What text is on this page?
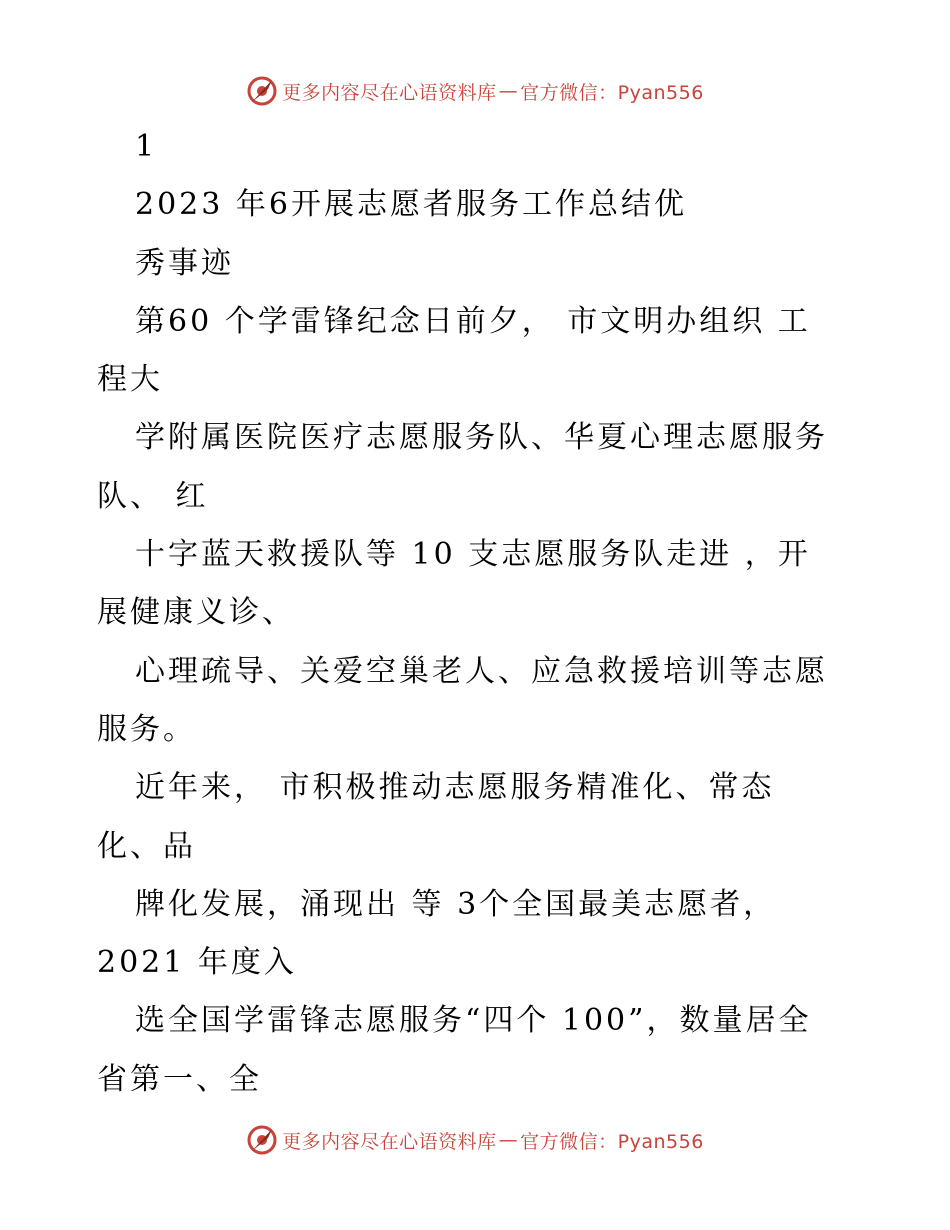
更多内容尽在心语资料库 — 官方微信：Pyan556
1
2023 年6开展志愿者服务工作总结优
秀事迹
第60 个学雷锋纪念日前夕， 市文明办组织 工
程大
学附属医院医疗志愿服务队、华夏心理志愿服务
队、 红
十字蓝天救援队等 10 支志愿服务队走进 ，开
展健康义诊、
心理疏导、关爱空巢老人、应急救援培训等志愿
服务。
近年来， 市积极推动志愿服务精准化、常态
化、品
牌化发展，涌现出 等 3个全国最美志愿者，
2021 年度入
选全国学雷锋志愿服务“四个 100”，数量居全
省第一、全
更多内容尽在心语资料库 — 官方微信：Pyan556
